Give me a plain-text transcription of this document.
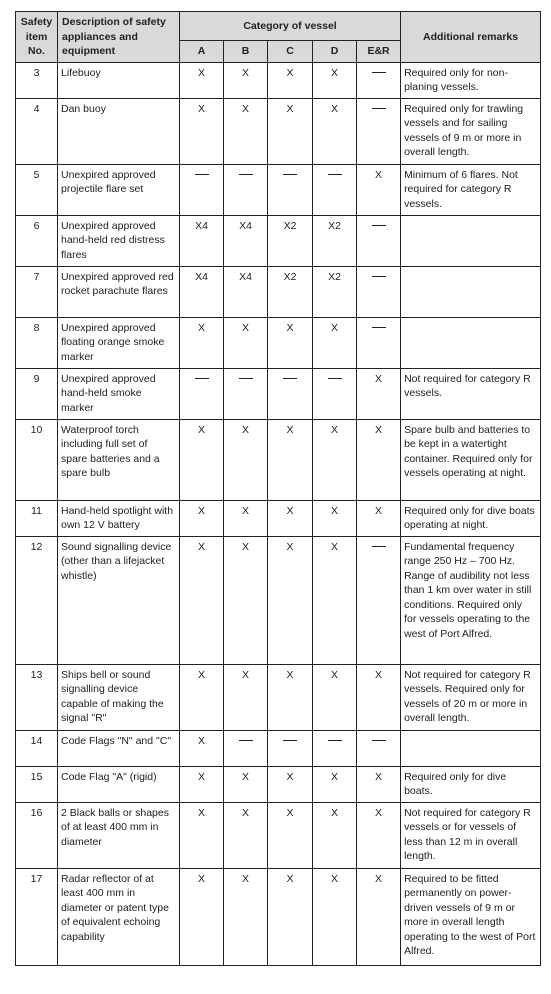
Safety item No.	Description of safety appliances and equipment	Category of vessel					Additional remarks
		A	B	C	D	E&R	
3	Lifebuoy	X	X	X	X		Required only for non-planing vessels.
4	Dan buoy	X	X	X	X		Required only for trawling vessels and for sailing vessels of 9 m or more in overall length.
5	Unexpired approved projectile flare set					X	Minimum of 6 flares. Not required for category R vessels.
6	Unexpired approved hand-held red distress flares	X4	X4	X2	X2		
7	Unexpired approved red rocket parachute flares	X4	X4	X2	X2		
8	Unexpired approved floating orange smoke marker	X	X	X	X		
9	Unexpired approved hand-held smoke marker					X	Not required for category R vessels.
10	Waterproof torch including full set of spare batteries and a spare bulb	X	X	X	X	X	Spare bulb and batteries to be kept in a watertight container. Required only for vessels operating at night.
11	Hand-held spotlight with own 12 V battery	X	X	X	X	X	Required only for dive boats operating at night.
12	Sound signalling device (other than a lifejacket whistle)	X	X	X	X		Fundamental frequency range 250 Hz – 700 Hz. Range of audibility not less than 1 km over water in still conditions. Required only for vessels operating to the west of Port Alfred.
13	Ships bell or sound signalling device capable of making the signal "R"	X	X	X	X	X	Not required for category R vessels. Required only for vessels of 20 m or more in overall length.
14	Code Flags "N" and "C"	X					
15	Code Flag "A" (rigid)	X	X	X	X	X	Required only for dive boats.
16	2 Black balls or shapes of at least 400 mm in diameter	X	X	X	X	X	Not required for category R vessels or for vessels of less than 12 m in overall length.
17	Radar reflector of at least 400 mm in diameter or patent type of equivalent echoing capability	X	X	X	X	X	Required to be fitted permanently on power-driven vessels of 9 m or more in overall length operating to the west of Port Alfred.
